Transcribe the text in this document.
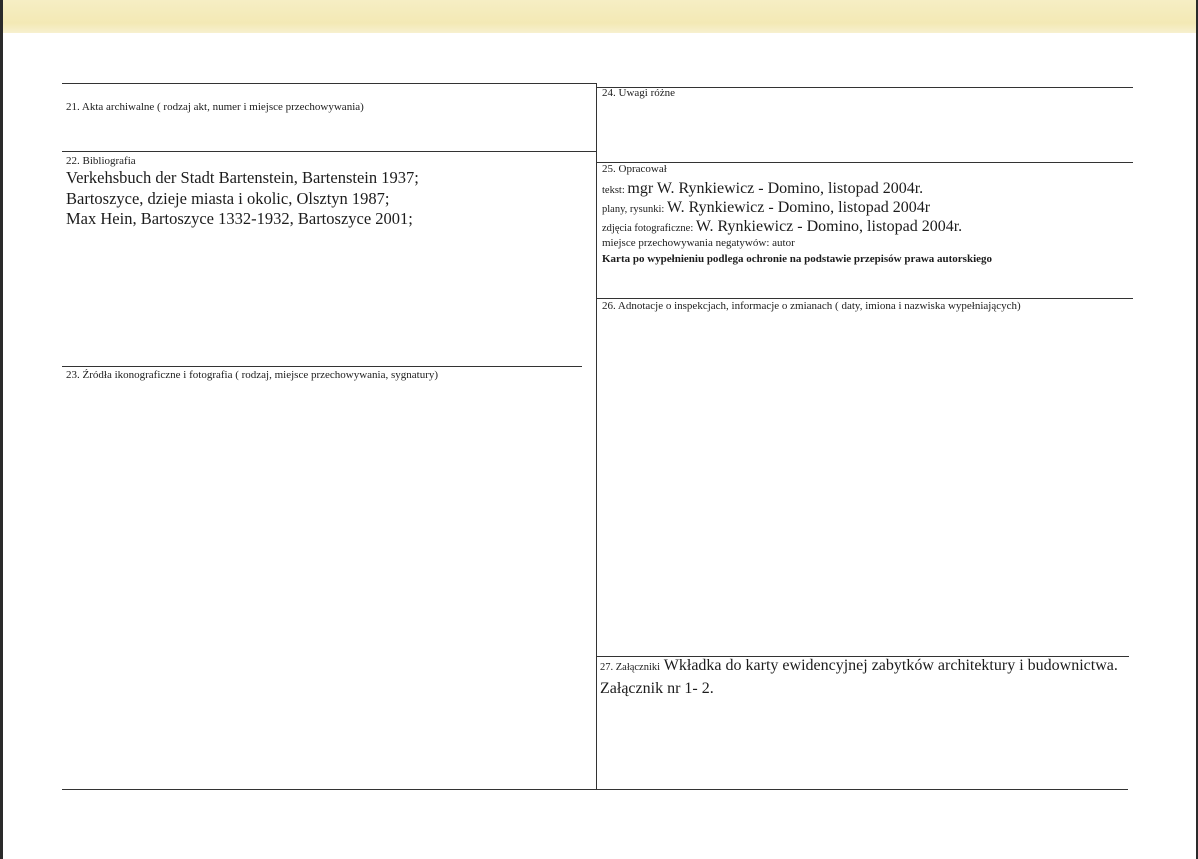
21. Akta archiwalne ( rodzaj akt, numer i miejsce przechowywania)
22. Bibliografia
Verkehsbuch der Stadt Bartenstein, Bartenstein 1937;
Bartoszyce, dzieje miasta i okolic, Olsztyn 1987;
Max Hein, Bartoszyce 1332-1932, Bartoszyce 2001;
23. Źródła ikonograficzne i fotografia ( rodzaj, miejsce przechowywania, sygnatury)
24. Uwagi różne
25. Opracował
tekst: mgr W. Rynkiewicz - Domino, listopad 2004r.
plany, rysunki: W. Rynkiewicz - Domino, listopad 2004r
zdjęcia fotograficzne: W. Rynkiewicz - Domino, listopad 2004r.
miejsce przechowywania negatywów: autor
Karta po wypełnieniu podlega ochronie na podstawie przepisów prawa autorskiego
26. Adnotacje o inspekcjach, informacje o zmianach ( daty, imiona i nazwiska wypełniających)
27. Załączniki Wkładka do karty ewidencyjnej zabytków architektury i budownictwa. Załącznik nr 1- 2.
